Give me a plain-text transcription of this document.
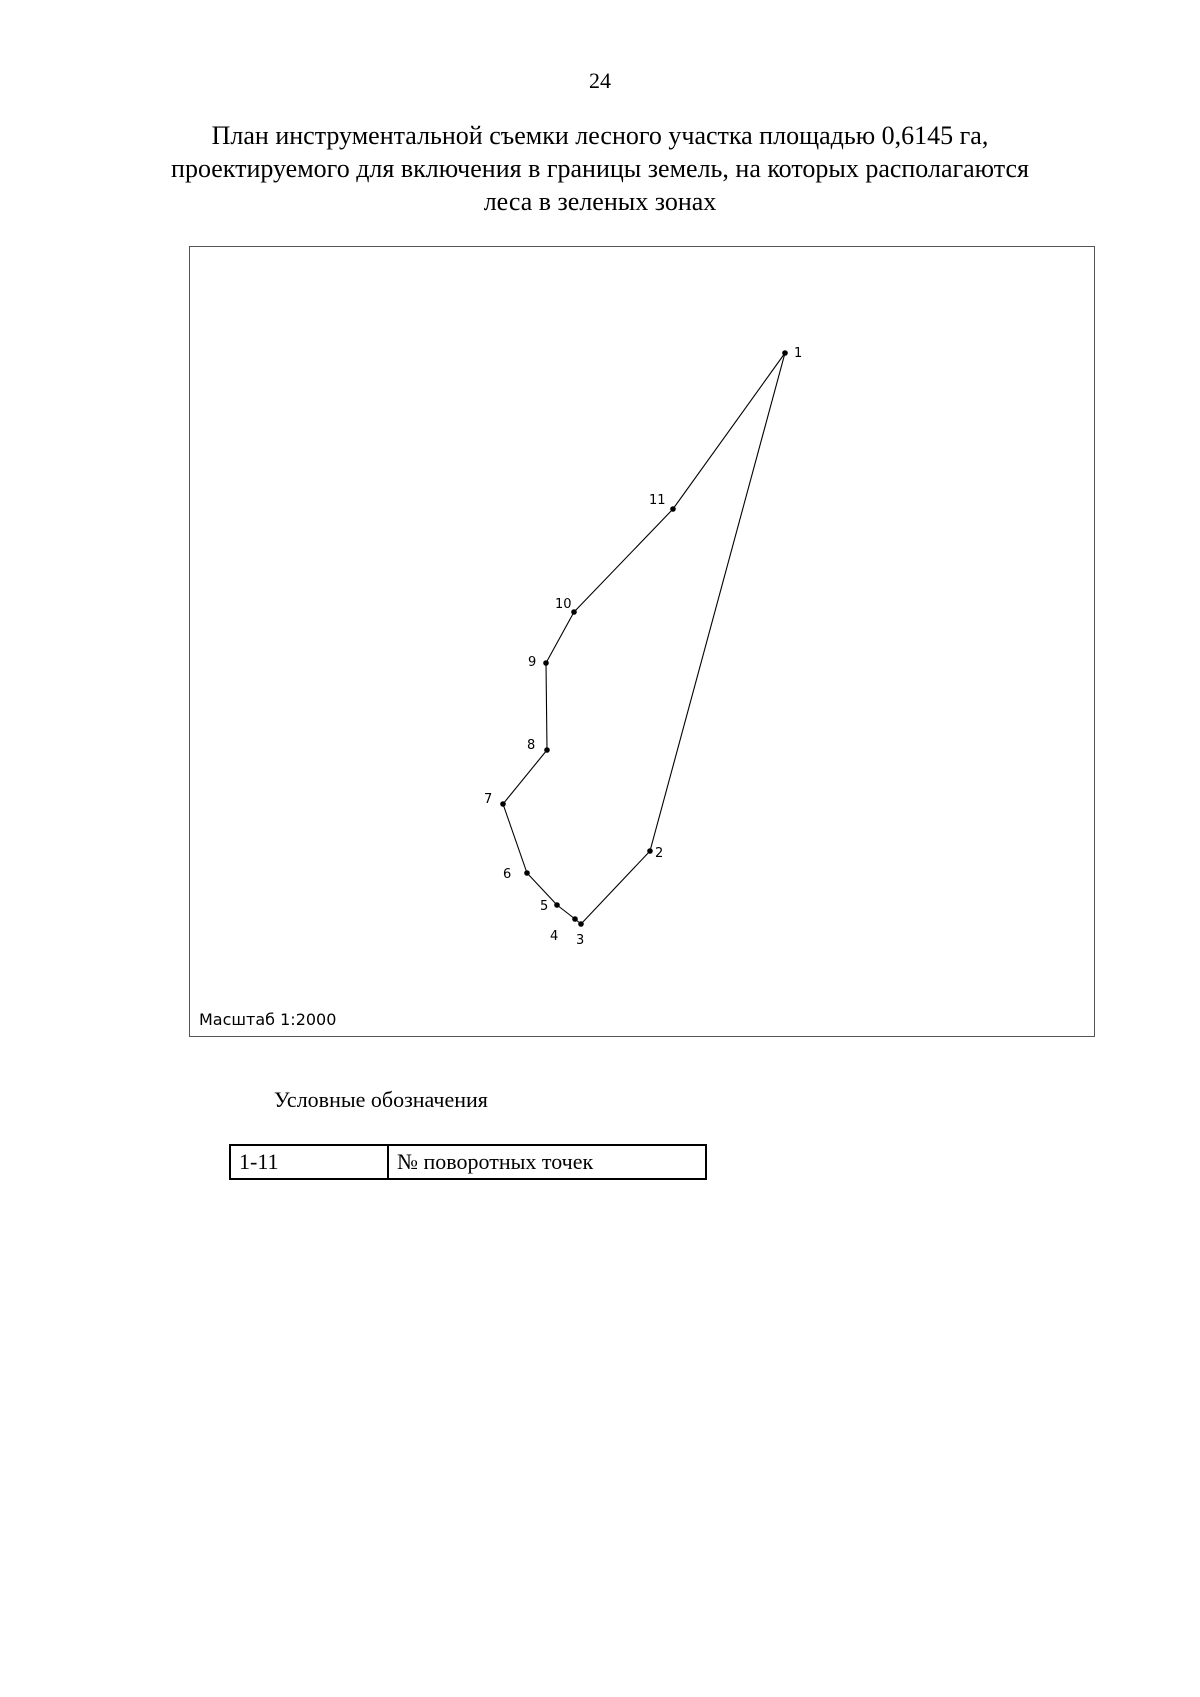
24
План инструментальной съемки лесного участка площадью 0,6145 га,
проектируемого для включения в границы земель, на которых располагаются
леса в зеленых зонах
1
2
3
4
5
6
7
8
9
10
11
Масштаб 1:2000
Условные обозначения
1-11	№ поворотных точек
